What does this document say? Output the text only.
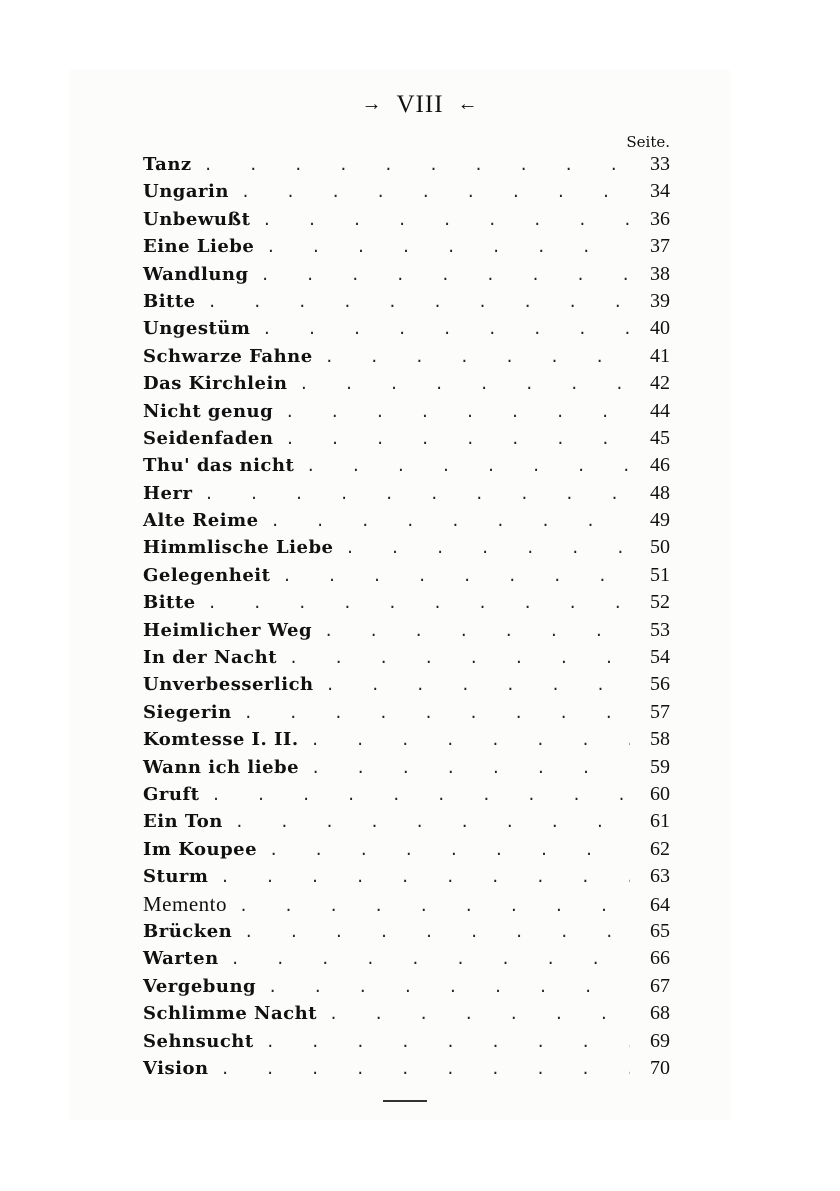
→ VIII ←
Seite.
Tanz . . .	33
Ungarin . . .	34
Unbewußt . . .	36
Eine Liebe . . .	37
Wandlung . . .	38
Bitte . . .	39
Ungestüm . . .	40
Schwarze Fahne . . .	41
Das Kirchlein . . .	42
Nicht genug . . .	44
Seidenfaden . . .	45
Thu' das nicht . . .	46
Herr . . .	48
Alte Reime . . .	49
Himmlische Liebe . . .	50
Gelegenheit . . .	51
Bitte . . .	52
Heimlicher Weg . . .	53
In der Nacht . . .	54
Unverbesserlich . . .	56
Siegerin . . .	57
Komtesse I. II. . . .	58
Wann ich liebe . . .	59
Gruft . . .	60
Ein Ton . . .	61
Im Koupee . . .	62
Sturm . . .	63
Memento . . .	64
Brücken . . .	65
Warten . . .	66
Vergebung . . .	67
Schlimme Nacht . . .	68
Sehnsucht . . .	69
Vision . . .	70
